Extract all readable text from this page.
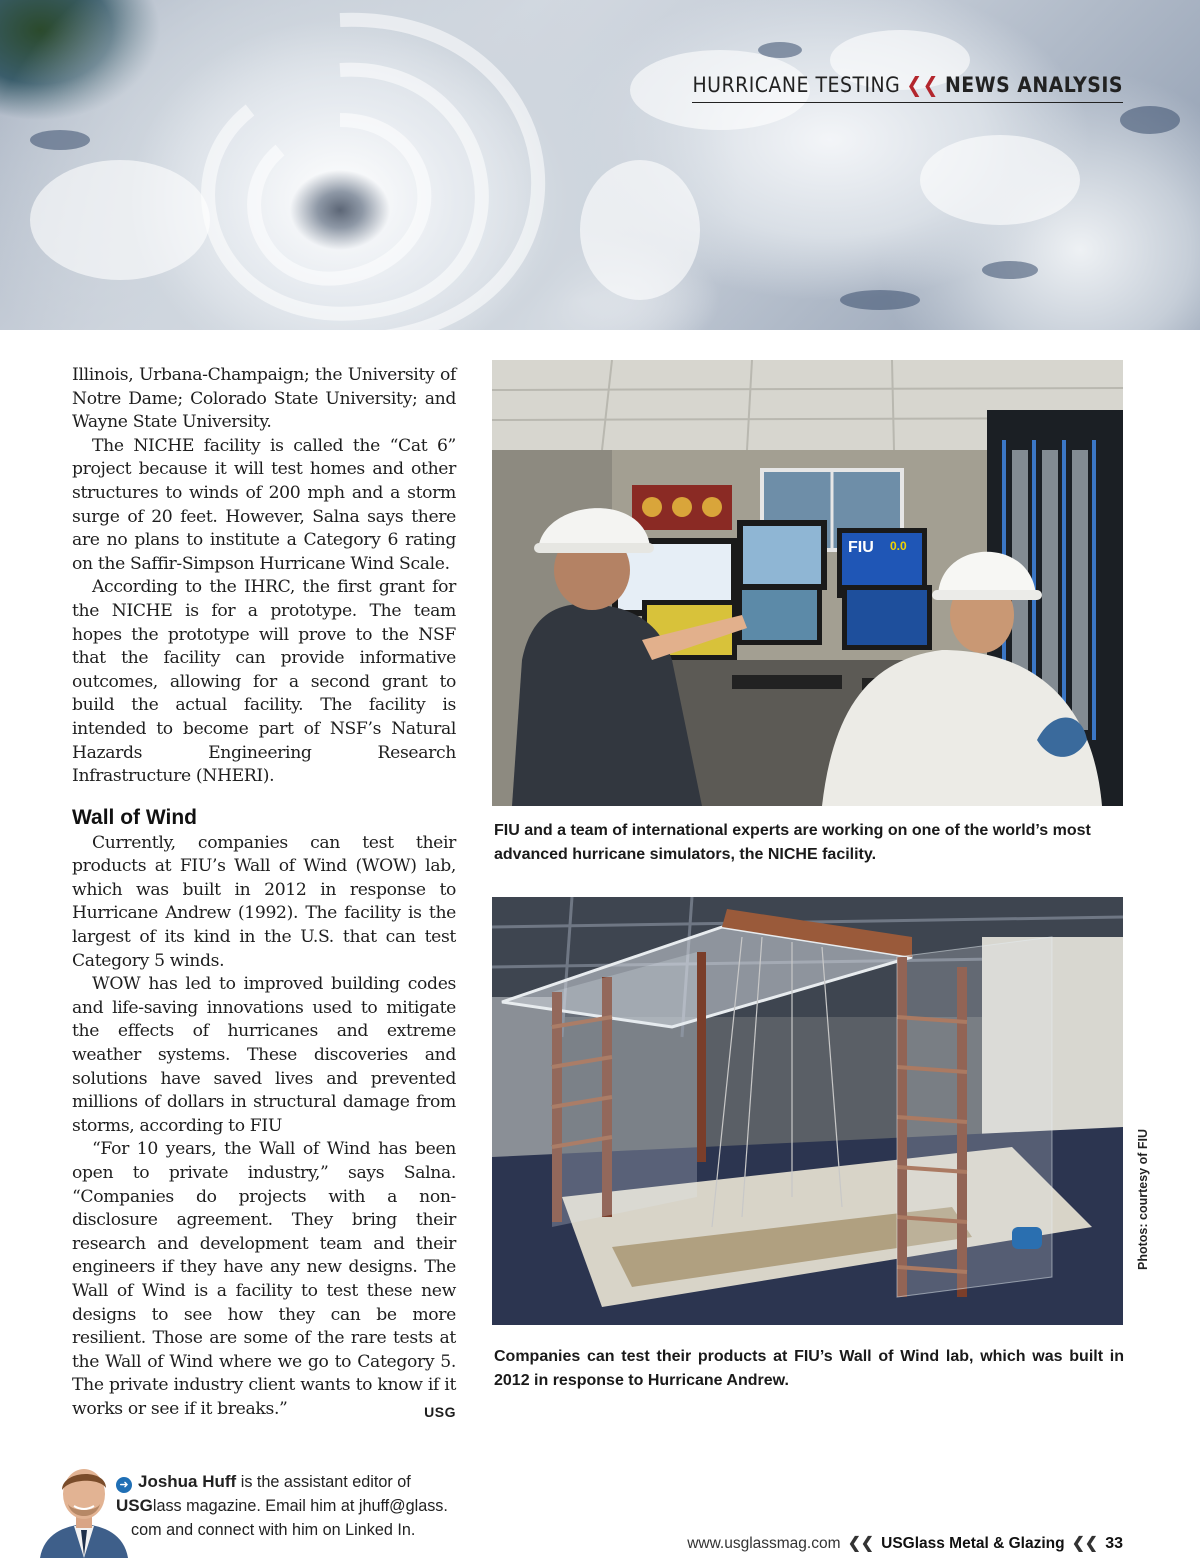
HURRICANE TESTING ❮❮ NEWS ANALYSIS

Illinois, Urbana-Champaign; the University of Notre Dame; Colorado State University; and Wayne State University.

The NICHE facility is called the “Cat 6” project because it will test homes and other structures to winds of 200 mph and a storm surge of 20 feet. However, Salna says there are no plans to institute a Category 6 rating on the Saffir-Simpson Hurricane Wind Scale.

According to the IHRC, the first grant for the NICHE is for a prototype. The team hopes the prototype will prove to the NSF that the facility can provide informative outcomes, allowing for a second grant to build the actual facility. The facility is intended to become part of NSF’s Natural Hazards Engineering Research Infrastructure (NHERI).

Wall of Wind

Currently, companies can test their products at FIU’s Wall of Wind (WOW) lab, which was built in 2012 in response to Hurricane Andrew (1992). The facility is the largest of its kind in the U.S. that can test Category 5 winds.

WOW has led to improved building codes and life-saving innovations used to mitigate the effects of hurricanes and extreme weather systems. These discoveries and solutions have saved lives and prevented millions of dollars in structural damage from storms, according to FIU

“For 10 years, the Wall of Wind has been open to private industry,” says Salna. “Companies do projects with a non-disclosure agreement. They bring their research and development team and their engineers if they have any new designs. The Wall of Wind is a facility to test these new designs to see how they can be more resilient. Those are some of the rare tests at the Wall of Wind where we go to Category 5. The private industry client wants to know if it works or see if it breaks.”	USG

➜ Joshua Huff is the assistant editor of
USGlass magazine. Email him at jhuff@glass.
com and connect with him on Linked In.
FIU 0.0
FIU and a team of international experts are working on one of the world’s most advanced hurricane simulators, the NICHE facility.
Photos: courtesy of FIU
Companies can test their products at FIU’s Wall of Wind lab, which was built in 2012 in response to Hurricane Andrew.
www.usglassmag.com ❮❮ USGlass Metal & Glazing ❮❮ 33
